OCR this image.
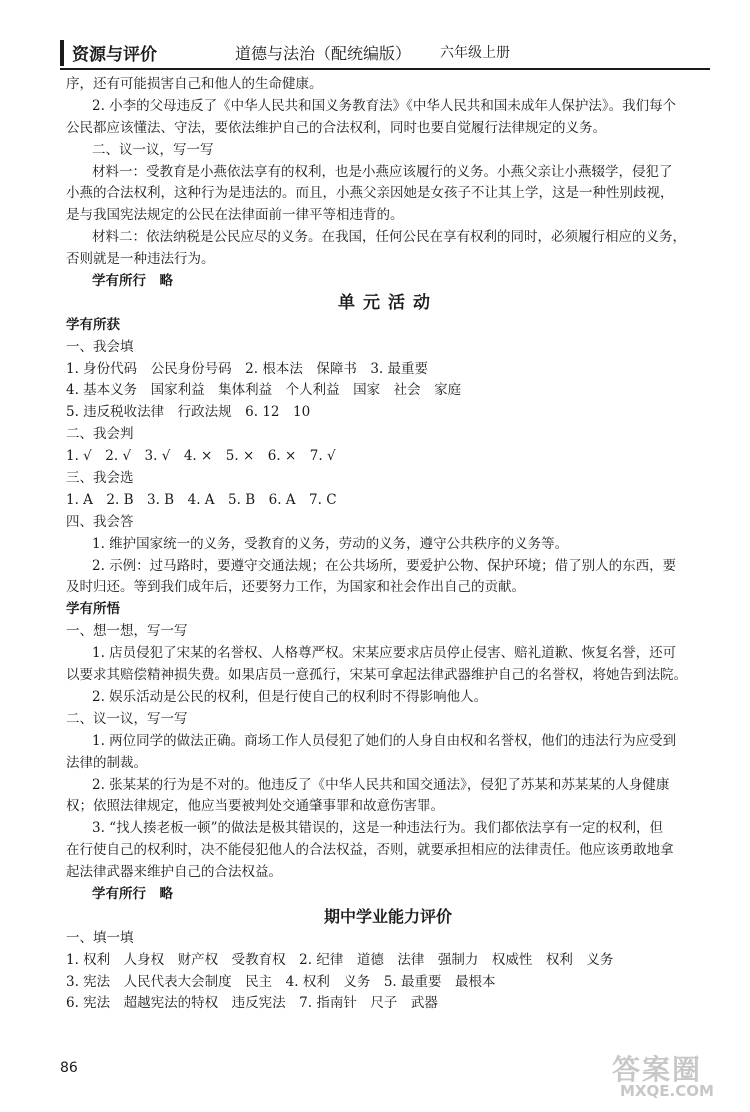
资源与评价	道德与法治（配统编版） 六年级上册
序，还有可能损害自己和他人的生命健康。
2. 小李的父母违反了《中华人民共和国义务教育法》《中华人民共和国未成年人保护法》。我们每个
公民都应该懂法、守法，要依法维护自己的合法权利，同时也要自觉履行法律规定的义务。
二、议一议，写一写
材料一：受教育是小燕依法享有的权利，也是小燕应该履行的义务。小燕父亲让小燕辍学，侵犯了
小燕的合法权利，这种行为是违法的。而且，小燕父亲因她是女孩子不让其上学，这是一种性别歧视，
是与我国宪法规定的公民在法律面前一律平等相违背的。
材料二：依法纳税是公民应尽的义务。在我国，任何公民在享有权利的同时，必须履行相应的义务，
否则就是一种违法行为。
学有所行　略
单元活动
学有所获
一、我会填
1. 身份代码　公民身份号码　2. 根本法　保障书　3. 最重要
4. 基本义务　国家利益　集体利益　个人利益　国家　社会　家庭
5. 违反税收法律　行政法规　6. 12　10
二、我会判
1. √　2. √　3. √　4. ×　5. ×　6. ×　7. √
三、我会选
1. A　2. B　3. B　4. A　5. B　6. A　7. C
四、我会答
1. 维护国家统一的义务，受教育的义务，劳动的义务，遵守公共秩序的义务等。
2. 示例：过马路时，要遵守交通法规；在公共场所，要爱护公物、保护环境；借了别人的东西，要
及时归还。等到我们成年后，还要努力工作，为国家和社会作出自己的贡献。
学有所悟
一、想一想，写一写
1. 店员侵犯了宋某的名誉权、人格尊严权。宋某应要求店员停止侵害、赔礼道歉、恢复名誉，还可
以要求其赔偿精神损失费。如果店员一意孤行，宋某可拿起法律武器维护自己的名誉权，将她告到法院。
2. 娱乐活动是公民的权利，但是行使自己的权利时不得影响他人。
二、议一议，写一写
1. 两位同学的做法正确。商场工作人员侵犯了她们的人身自由权和名誉权，他们的违法行为应受到
法律的制裁。
2. 张某某的行为是不对的。他违反了《中华人民共和国交通法》，侵犯了苏某和苏某某的人身健康
权；依照法律规定，他应当要被判处交通肇事罪和故意伤害罪。
3. “找人揍老板一顿”的做法是极其错误的，这是一种违法行为。我们都依法享有一定的权利，但
在行使自己的权利时，决不能侵犯他人的合法权益，否则，就要承担相应的法律责任。他应该勇敢地拿
起法律武器来维护自己的合法权益。
学有所行　略
期中学业能力评价
一、填一填
1. 权利　人身权　财产权　受教育权　2. 纪律　道德　法律　强制力　权威性　权利　义务
3. 宪法　人民代表大会制度　民主　4. 权利　义务　5. 最重要　最根本
6. 宪法　超越宪法的特权　违反宪法　7. 指南针　尺子　武器
86	答案圈
MXQE.COM
